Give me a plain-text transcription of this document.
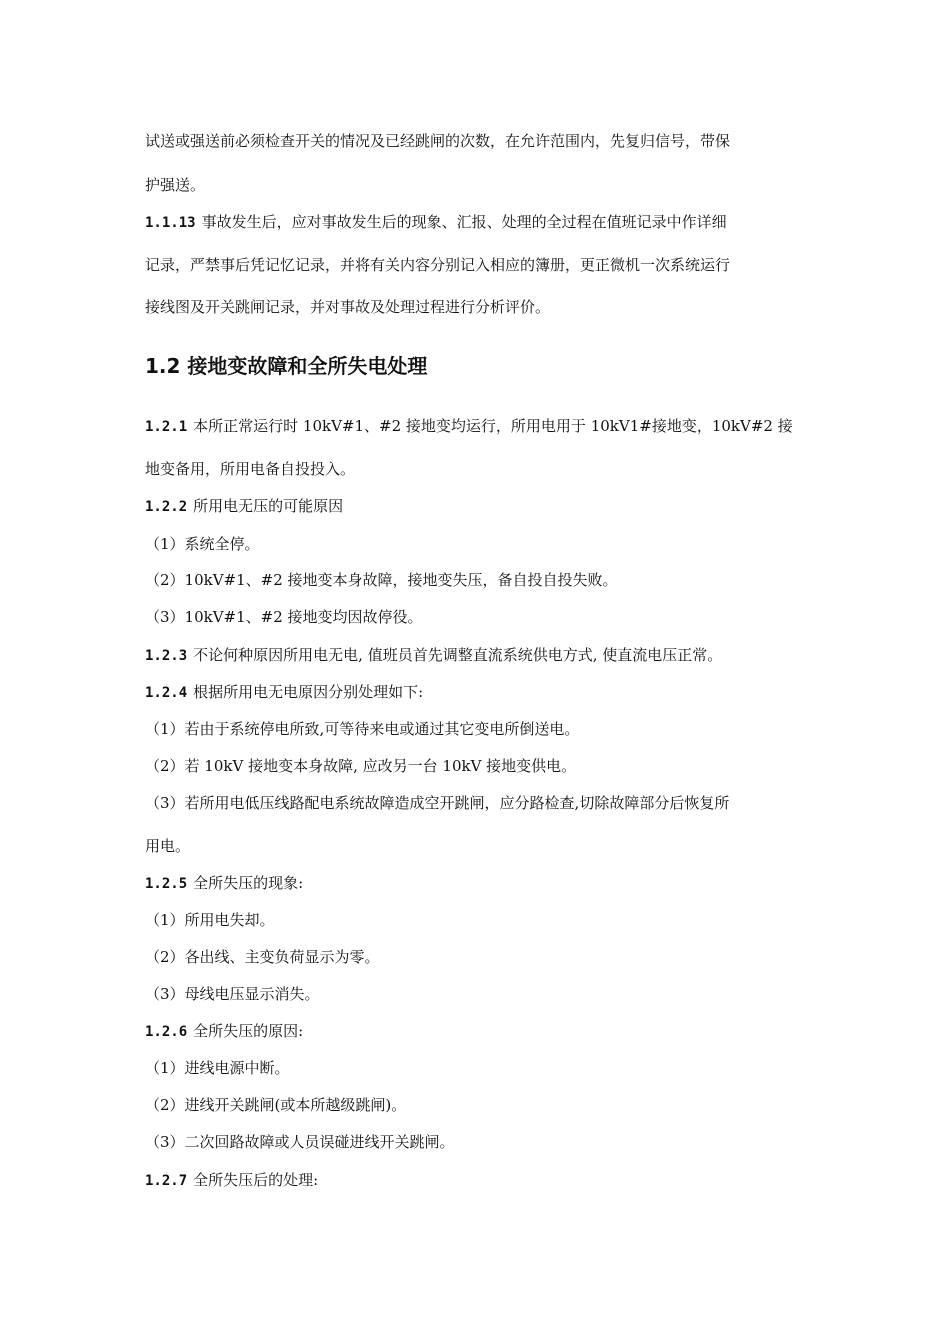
试送或强送前必须检查开关的情况及已经跳闸的次数，在允许范围内，先复归信号，带保
护强送。
1.1.13 事故发生后，应对事故发生后的现象、汇报、处理的全过程在值班记录中作详细
记录，严禁事后凭记忆记录，并将有关内容分别记入相应的簿册，更正微机一次系统运行
接线图及开关跳闸记录，并对事故及处理过程进行分析评价。
1.2 接地变故障和全所失电处理
1.2.1 本所正常运行时 10kV#1、#2 接地变均运行，所用电用于 10kV1#接地变，10kV#2 接
地变备用，所用电备自投投入。
1.2.2 所用电无压的可能原因
（1）系统全停。
（2）10kV#1、#2 接地变本身故障，接地变失压，备自投自投失败。
（3）10kV#1、#2 接地变均因故停役。
1.2.3 不论何种原因所用电无电, 值班员首先调整直流系统供电方式, 使直流电压正常。
1.2.4 根据所用电无电原因分别处理如下:
（1）若由于系统停电所致,可等待来电或通过其它变电所倒送电。
（2）若 10kV 接地变本身故障, 应改另一台 10kV 接地变供电。
（3）若所用电低压线路配电系统故障造成空开跳闸，应分路检查,切除故障部分后恢复所
用电。
1.2.5 全所失压的现象:
（1）所用电失却。
（2）各出线、主变负荷显示为零。
（3）母线电压显示消失。
1.2.6 全所失压的原因:
（1）进线电源中断。
（2）进线开关跳闸(或本所越级跳闸)。
（3）二次回路故障或人员误碰进线开关跳闸。
1.2.7 全所失压后的处理:
